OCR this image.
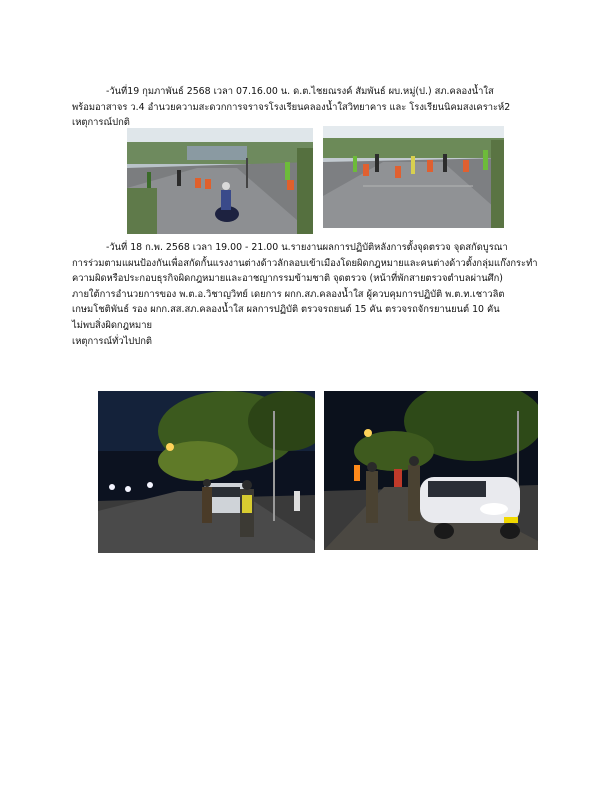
-วันที่19 กุมภาพันธ์ 2568 เวลา 07.16.00 น. ด.ต.ไชยณรงค์ สัมพันธ์ ผบ.หมู่(ป.) สภ.คลองน้ำใส

พร้อมอาสาจร ว.4 อำนวยความสะดวกการจราจรโรงเรียนคลองน้ำใสวิทยาคาร และ โรงเรียนนิคมสงเคราะห์2

เหตุการณ์ปกติ

-วันที่ 18 ก.พ. 2568 เวลา 19.00 - 21.00 น.รายงานผลการปฏิบัติหลังการตั้งจุดตรวจ จุดสกัดบูรณา

การร่วมตามแผนป้องกันเพื่อสกัดกั้นแรงงานต่างด้าวลักลอบเข้าเมืองโดยผิดกฎหมายและคนต่างด้าวตั้งกลุ่มแก๊งกระทำ

ความผิดหรือประกอบธุรกิจผิดกฎหมายและอาชญากรรมข้ามชาติ จุดตรวจ (หน้าที่พักสายตรวจตำบลผ่านศึก)

ภายใต้การอำนวยการของ พ.ต.อ.วิชาญวิทย์ เดยการ ผกก.สภ.คลองน้ำใส ผู้ควบคุมการปฏิบัติ พ.ต.ท.เชาวลิต

เกษมโชติพันธ์ รอง ผกก.สส.สภ.คลองน้ำใส ผลการปฏิบัติ ตรวจรถยนต์ 15 คัน ตรวจรถจักรยานยนต์ 10 คัน

ไม่พบสิ่งผิดกฎหมาย

เหตุการณ์ทั่วไปปกติ
